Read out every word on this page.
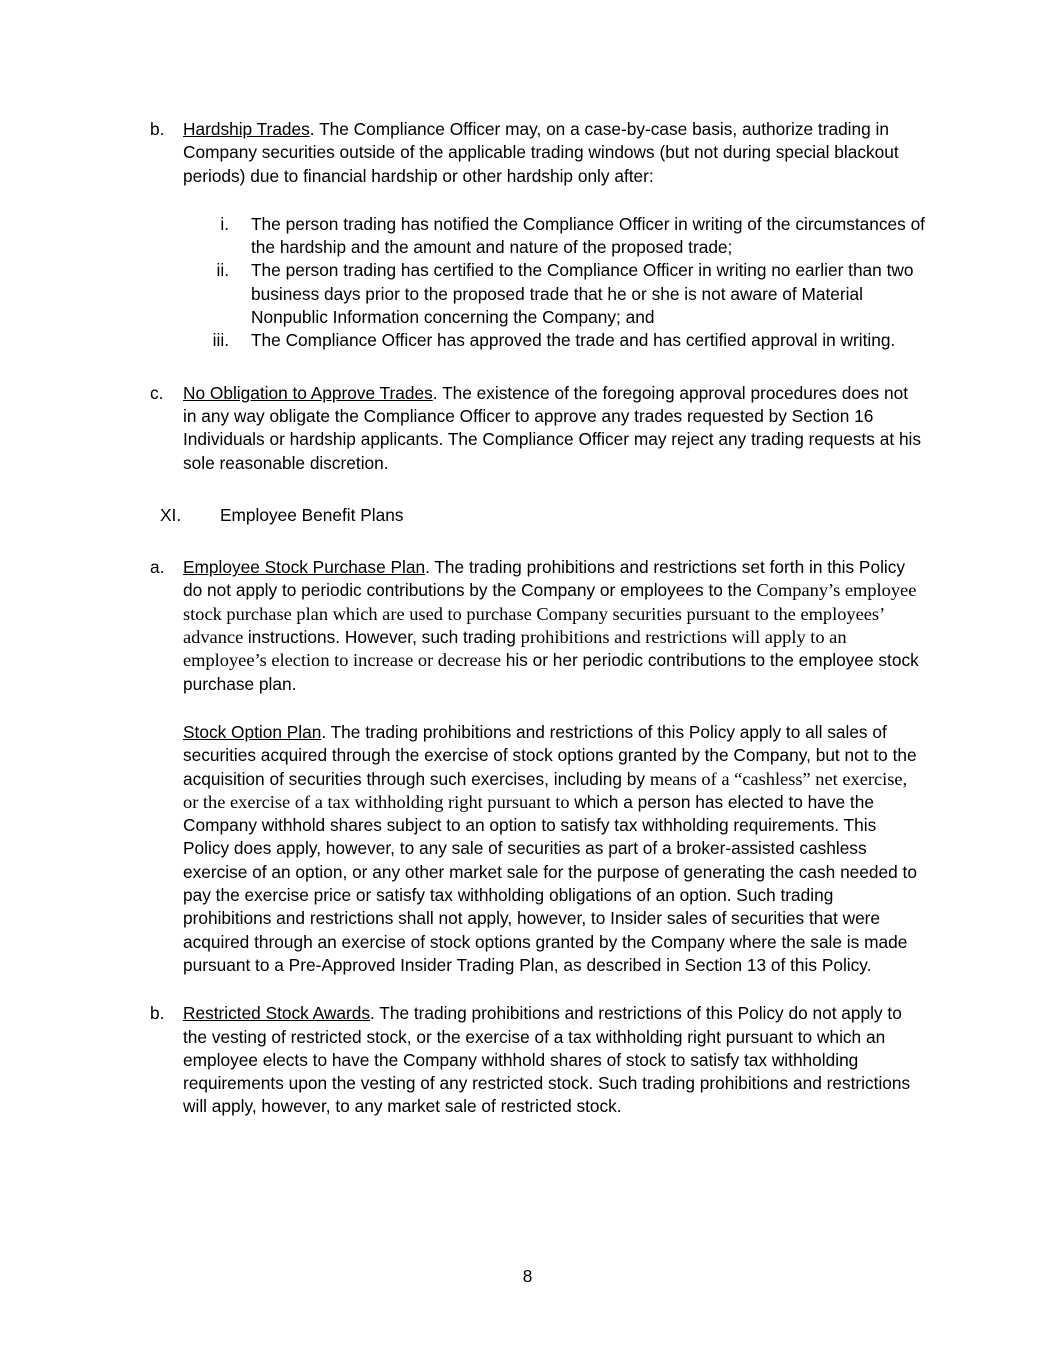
b.	Hardship Trades. The Compliance Officer may, on a case-by-case basis, authorize trading in Company securities outside of the applicable trading windows (but not during special blackout periods) due to financial hardship or other hardship only after:
i.	The person trading has notified the Compliance Officer in writing of the circumstances of the hardship and the amount and nature of the proposed trade;
ii.	The person trading has certified to the Compliance Officer in writing no earlier than two business days prior to the proposed trade that he or she is not aware of Material Nonpublic Information concerning the Company; and
iii.	The Compliance Officer has approved the trade and has certified approval in writing.
c.	No Obligation to Approve Trades. The existence of the foregoing approval procedures does not in any way obligate the Compliance Officer to approve any trades requested by Section 16 Individuals or hardship applicants. The Compliance Officer may reject any trading requests at his sole reasonable discretion.
XI.	Employee Benefit Plans
a.	Employee Stock Purchase Plan. The trading prohibitions and restrictions set forth in this Policy do not apply to periodic contributions by the Company or employees to the Company’s employee stock purchase plan which are used to purchase Company securities pursuant to the employees’ advance instructions. However, such trading prohibitions and restrictions will apply to an employee’s election to increase or decrease his or her periodic contributions to the employee stock purchase plan.
Stock Option Plan. The trading prohibitions and restrictions of this Policy apply to all sales of securities acquired through the exercise of stock options granted by the Company, but not to the acquisition of securities through such exercises, including by means of a “cashless” net exercise, or the exercise of a tax withholding right pursuant to which a person has elected to have the Company withhold shares subject to an option to satisfy tax withholding requirements. This Policy does apply, however, to any sale of securities as part of a broker-assisted cashless exercise of an option, or any other market sale for the purpose of generating the cash needed to pay the exercise price or satisfy tax withholding obligations of an option. Such trading prohibitions and restrictions shall not apply, however, to Insider sales of securities that were acquired through an exercise of stock options granted by the Company where the sale is made pursuant to a Pre-Approved Insider Trading Plan, as described in Section 13 of this Policy.
b.	Restricted Stock Awards. The trading prohibitions and restrictions of this Policy do not apply to the vesting of restricted stock, or the exercise of a tax withholding right pursuant to which an employee elects to have the Company withhold shares of stock to satisfy tax withholding requirements upon the vesting of any restricted stock. Such trading prohibitions and restrictions will apply, however, to any market sale of restricted stock.
8
